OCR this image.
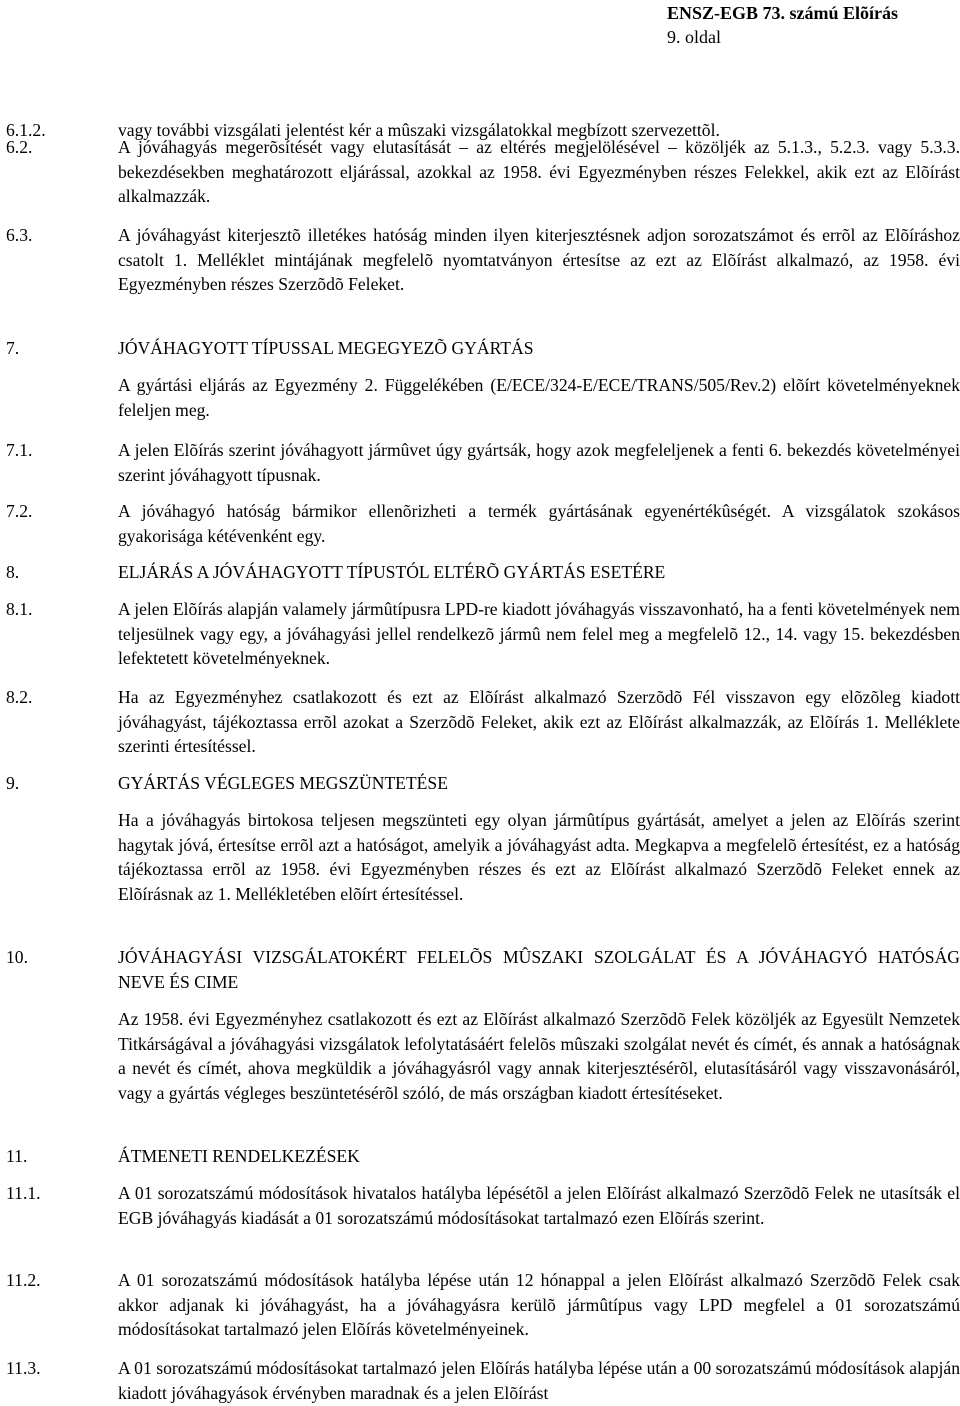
ENSZ-EGB 73. számú Elõírás
9. oldal
6.1.2.	vagy további vizsgálati jelentést kér a mûszaki vizsgálatokkal megbízott szervezettõl.
6.2.	A jóváhagyás megerõsítését vagy elutasítását – az eltérés megjelölésével – közöljék az 5.1.3., 5.2.3. vagy 5.3.3. bekezdésekben meghatározott eljárással, azokkal az 1958. évi Egyezményben részes Felekkel, akik ezt az Elõírást alkalmazzák.
6.3.	A jóváhagyást kiterjesztõ illetékes hatóság minden ilyen kiterjesztésnek adjon sorozatszámot és errõl az Elõíráshoz csatolt 1. Melléklet mintájának megfelelõ nyomtatványon értesítse az ezt az Elõírást alkalmazó, az 1958. évi Egyezményben részes Szerzõdõ Feleket.
7.	JÓVÁHAGYOTT TÍPUSSAL MEGEGYEZÕ GYÁRTÁS
A gyártási eljárás az Egyezmény 2. Függelékében (E/ECE/324-E/ECE/TRANS/505/Rev.2) elõírt követelményeknek feleljen meg.
7.1.	A jelen Elõírás szerint jóváhagyott jármûvet úgy gyártsák, hogy azok megfeleljenek a fenti 6. bekezdés követelményei szerint jóváhagyott típusnak.
7.2.	A jóváhagyó hatóság bármikor ellenõrizheti a termék gyártásának egyenértékûségét. A vizsgálatok szokásos gyakorisága kétévenként egy.
8.	ELJÁRÁS A JÓVÁHAGYOTT TÍPUSTÓL ELTÉRÕ GYÁRTÁS ESETÉRE
8.1.	A jelen Elõírás alapján valamely jármûtípusra LPD-re kiadott jóváhagyás visszavonható, ha a fenti követelmények nem teljesülnek vagy egy, a jóváhagyási jellel rendelkezõ jármû nem felel meg a megfelelõ 12., 14. vagy 15. bekezdésben lefektetett követelményeknek.
8.2.	Ha az Egyezményhez csatlakozott és ezt az Elõírást alkalmazó Szerzõdõ Fél visszavon egy elõzõleg kiadott jóváhagyást, tájékoztassa errõl azokat a Szerzõdõ Feleket, akik ezt az Elõírást alkalmazzák, az Elõírás 1. Melléklete szerinti értesítéssel.
9.	GYÁRTÁS VÉGLEGES MEGSZÜNTETÉSE
Ha a jóváhagyás birtokosa teljesen megszünteti egy olyan jármûtípus gyártását, amelyet a jelen az Elõírás szerint hagytak jóvá, értesítse errõl azt a hatóságot, amelyik a jóváhagyást adta. Megkapva a megfelelõ értesítést, ez a hatóság tájékoztassa errõl az 1958. évi Egyezményben részes és ezt az Elõírást alkalmazó Szerzõdõ Feleket ennek az Elõírásnak az 1. Mellékletében elõírt értesítéssel.
10.	JÓVÁHAGYÁSI VIZSGÁLATOKÉRT FELELÕS MÛSZAKI SZOLGÁLAT ÉS A JÓVÁHAGYÓ HATÓSÁG NEVE ÉS CIME
Az 1958. évi Egyezményhez csatlakozott és ezt az Elõírást alkalmazó Szerzõdõ Felek közöljék az Egyesült Nemzetek Titkárságával a jóváhagyási vizsgálatok lefolytatásáért felelõs mûszaki szolgálat nevét és címét, és annak a hatóságnak a nevét és címét, ahova megküldik a jóváhagyásról vagy annak kiterjesztésérõl, elutasításáról vagy visszavonásáról, vagy a gyártás végleges beszüntetésérõl szóló, de más országban kiadott értesítéseket.
11.	ÁTMENETI RENDELKEZÉSEK
11.1.	A 01 sorozatszámú módosítások hivatalos hatályba lépésétõl a jelen Elõírást alkalmazó Szerzõdõ Felek ne utasítsák el EGB jóváhagyás kiadását a 01 sorozatszámú módosításokat tartalmazó ezen Elõírás szerint.
11.2.	A 01 sorozatszámú módosítások hatályba lépése után 12 hónappal a jelen Elõírást alkalmazó Szerzõdõ Felek csak akkor adjanak ki jóváhagyást, ha a jóváhagyásra kerülõ jármûtípus vagy LPD megfelel a 01 sorozatszámú módosításokat tartalmazó jelen Elõírás követelményeinek.
11.3.	A 01 sorozatszámú módosításokat tartalmazó jelen Elõírás hatályba lépése után a 00 sorozatszámú módosítások alapján kiadott jóváhagyások érvényben maradnak és a jelen Elõírást
